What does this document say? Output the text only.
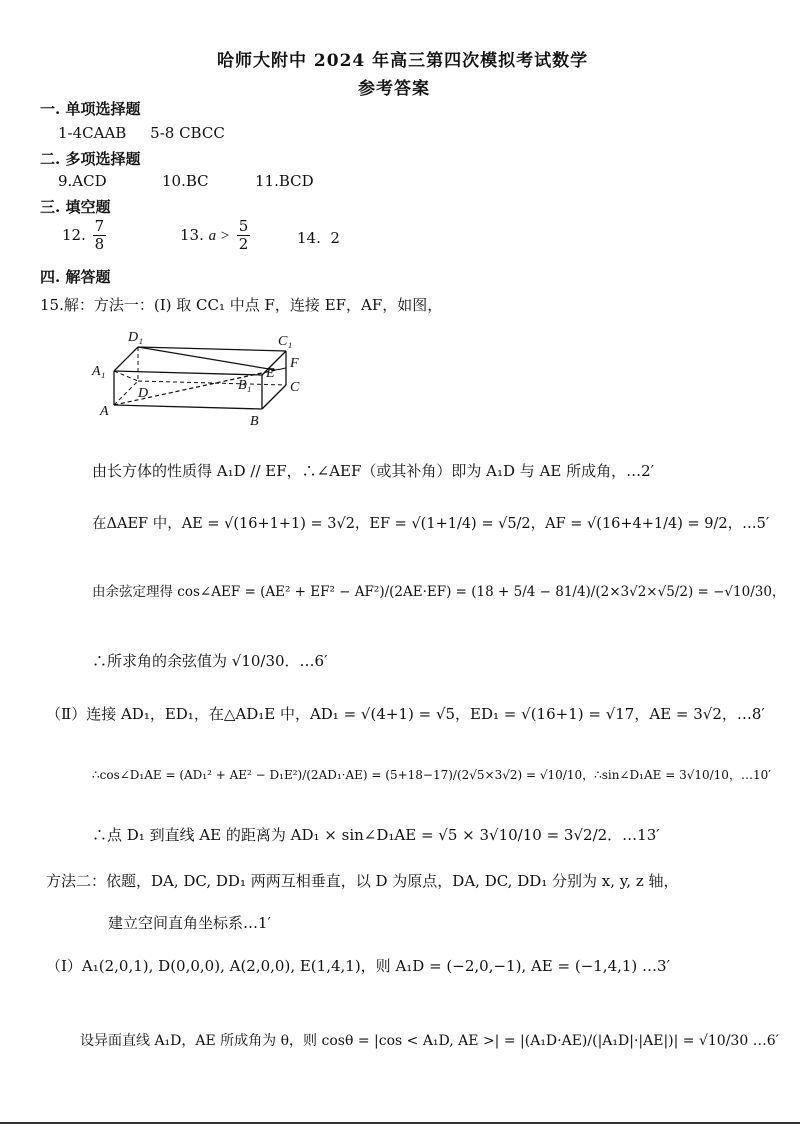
哈师大附中 2024 年高三第四次模拟考试数学
参考答案
一. 单项选择题
1-4CAAB     5-8 CBCC
二. 多项选择题
9.ACD	10.BC	11.BCD
三. 填空题
12. $\frac{7}{8}$	13. $a > \frac{5}{2}$	14.  2
四. 解答题
15.解：方法一：(Ⅰ) 取 CC₁ 中点 F，连接 EF，AF，如图，
D₁	C₁
A₁
F
E
B₁	C
D
A
B
由长方体的性质得 A₁D // EF，∴∠AEF（或其补角）即为 A₁D 与 AE 所成角，…2′
在ΔAEF 中，AE = √(16+1+1) = 3√2，EF = √(1+1/4) = √5/2，AF = √(16+4+1/4) = 9/2，…5′
由余弦定理得 cos∠AEF = (AE² + EF² − AF²)/(2AE·EF) = (18 + 5/4 − 81/4)/(2×3√2×√5/2) = −√10/30，
∴所求角的余弦值为 √10/30．…6′
（Ⅱ）连接 AD₁，ED₁，在△AD₁E 中，AD₁ = √(4+1) = √5，ED₁ = √(16+1) = √17，AE = 3√2，…8′
∴cos∠D₁AE = (AD₁² + AE² − D₁E²)/(2AD₁·AE) = (5+18−17)/(2√5×3√2) = √10/10，∴sin∠D₁AE = 3√10/10，…10′
∴点 D₁ 到直线 AE 的距离为 AD₁ × sin∠D₁AE = √5 × 3√10/10 = 3√2/2．…13′
方法二：依题，DA, DC, DD₁ 两两互相垂直，以 D 为原点，DA, DC, DD₁ 分别为 x, y, z 轴，
建立空间直角坐标系…1′
（Ⅰ）A₁(2,0,1), D(0,0,0), A(2,0,0), E(1,4,1)，则 A₁D = (−2,0,−1), AE = (−1,4,1) …3′
设异面直线 A₁D，AE 所成角为 θ，则 cosθ = |cos < A₁D, AE >| = |(A₁D·AE)/(|A₁D|·|AE|)| = √10/30 …6′
